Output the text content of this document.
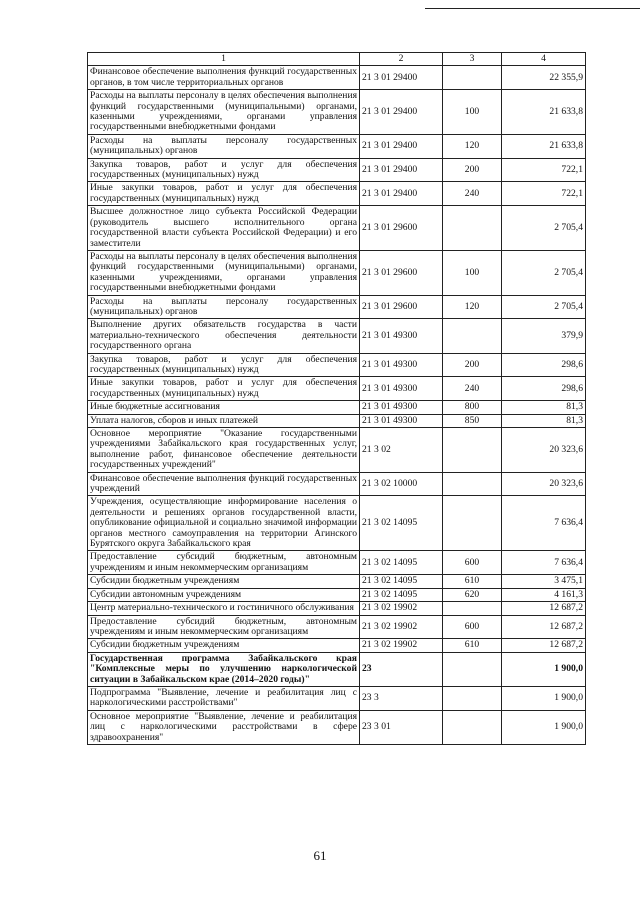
1	2	3	4
Финансовое обеспечение выполнения функций государственных органов, в том числе территориальных органов	21 3 01 29400		22 355,9
Расходы на выплаты персоналу в целях обеспечения выполнения функций государственными (муниципальными) органами, казенными учреждениями, органами управления государственными внебюджетными фондами	21 3 01 29400	100	21 633,8
Расходы на выплаты персоналу государственных (муниципальных) органов	21 3 01 29400	120	21 633,8
Закупка товаров, работ и услуг для обеспечения государственных (муниципальных) нужд	21 3 01 29400	200	722,1
Иные закупки товаров, работ и услуг для обеспечения государственных (муниципальных) нужд	21 3 01 29400	240	722,1
Высшее должностное лицо субъекта Российской Федерации (руководитель высшего исполнительного органа государственной власти субъекта Российской Федерации) и его заместители	21 3 01 29600		2 705,4
Расходы на выплаты персоналу в целях обеспечения выполнения функций государственными (муниципальными) органами, казенными учреждениями, органами управления государственными внебюджетными фондами	21 3 01 29600	100	2 705,4
Расходы на выплаты персоналу государственных (муниципальных) органов	21 3 01 29600	120	2 705,4
Выполнение других обязательств государства в части материально-технического обеспечения деятельности государственного органа	21 3 01 49300		379,9
Закупка товаров, работ и услуг для обеспечения государственных (муниципальных) нужд	21 3 01 49300	200	298,6
Иные закупки товаров, работ и услуг для обеспечения государственных (муниципальных) нужд	21 3 01 49300	240	298,6
Иные бюджетные ассигнования	21 3 01 49300	800	81,3
Уплата налогов, сборов и иных платежей	21 3 01 49300	850	81,3
Основное мероприятие "Оказание государственными учреждениями Забайкальского края государственных услуг, выполнение работ, финансовое обеспечение деятельности государственных учреждений"	21 3 02		20 323,6
Финансовое обеспечение выполнения функций государственных учреждений	21 3 02 10000		20 323,6
Учреждения, осуществляющие информирование населения о деятельности и решениях органов государственной власти, опубликование официальной и социально значимой информации органов местного самоуправления на территории Агинского Бурятского округа Забайкальского края	21 3 02 14095		7 636,4
Предоставление субсидий бюджетным, автономным учреждениям и иным некоммерческим организациям	21 3 02 14095	600	7 636,4
Субсидии бюджетным учреждениям	21 3 02 14095	610	3 475,1
Субсидии автономным учреждениям	21 3 02 14095	620	4 161,3
Центр материально-технического и гостиничного обслуживания	21 3 02 19902		12 687,2
Предоставление субсидий бюджетным, автономным учреждениям и иным некоммерческим организациям	21 3 02 19902	600	12 687,2
Субсидии бюджетным учреждениям	21 3 02 19902	610	12 687,2
Государственная программа Забайкальского края "Комплексные меры по улучшению наркологической ситуации в Забайкальском крае (2014–2020 годы)"	23		1 900,0
Подпрограмма "Выявление, лечение и реабилитация лиц с наркологическими расстройствами"	23 3		1 900,0
Основное мероприятие "Выявление, лечение и реабилитация лиц с наркологическими расстройствами в сфере здравоохранения"	23 3 01		1 900,0
61
